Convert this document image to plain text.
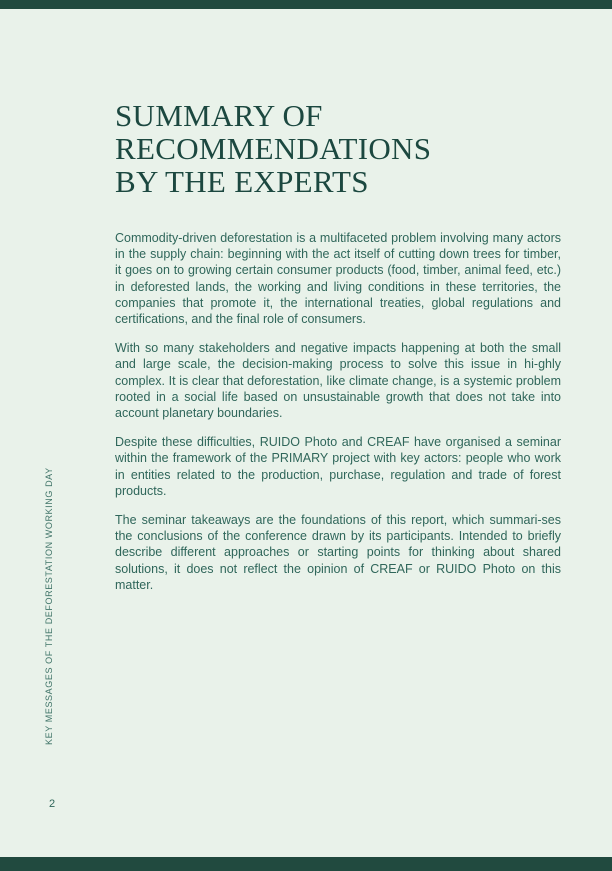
SUMMARY OF
RECOMMENDATIONS
BY THE EXPERTS

Commodity-driven deforestation is a multifaceted problem involving many actors in the supply chain: beginning with the act itself of cutting down trees for timber, it goes on to growing certain consumer products (food, timber, animal feed, etc.) in deforested lands, the working and living conditions in these territories, the companies that promote it, the international treaties, global regulations and certifications, and the final role of consumers.

With so many stakeholders and negative impacts happening at both the small and large scale, the decision-making process to solve this issue in hi-ghly complex. It is clear that deforestation, like climate change, is a systemic problem rooted in a social life based on unsustainable growth that does not take into account planetary boundaries.

Despite these difficulties, RUIDO Photo and CREAF have organised a seminar within the framework of the PRIMARY project with key actors: people who work in entities related to the production, purchase, regulation and trade of forest products.

The seminar takeaways are the foundations of this report, which summari-ses the conclusions of the conference drawn by its participants. Intended to briefly describe different approaches or starting points for thinking about shared solutions, it does not reflect the opinion of CREAF or RUIDO Photo on this matter.

KEY MESSAGES OF THE DEFORESTATION WORKING DAY
2
